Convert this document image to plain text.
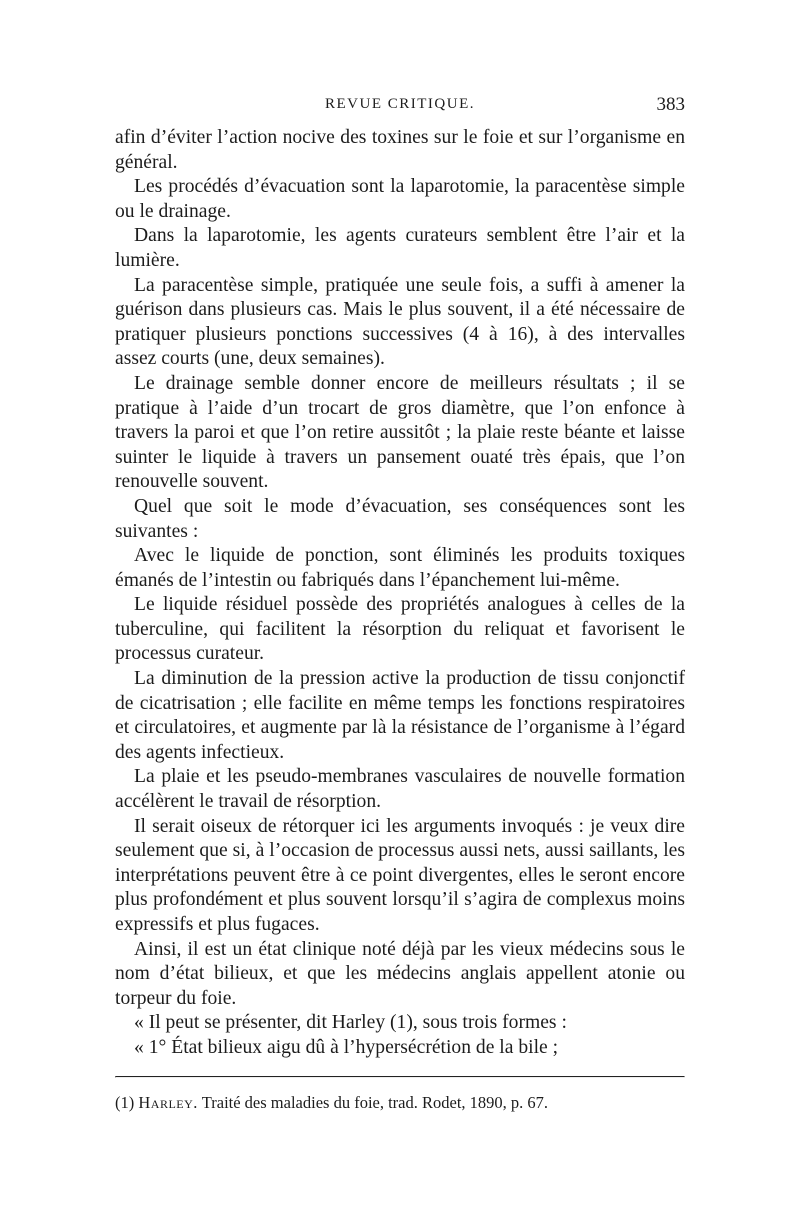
REVUE CRITIQUE.	383

afin d’éviter l’action nocive des toxines sur le foie et sur l’organisme en général.

Les procédés d’évacuation sont la laparotomie, la paracentèse simple ou le drainage.

Dans la laparotomie, les agents curateurs semblent être l’air et la lumière.

La paracentèse simple, pratiquée une seule fois, a suffi à amener la guérison dans plusieurs cas. Mais le plus souvent, il a été nécessaire de pratiquer plusieurs ponctions successives (4 à 16), à des intervalles assez courts (une, deux semaines).

Le drainage semble donner encore de meilleurs résultats ; il se pratique à l’aide d’un trocart de gros diamètre, que l’on enfonce à travers la paroi et que l’on retire aussitôt ; la plaie reste béante et laisse suinter le liquide à travers un pansement ouaté très épais, que l’on renouvelle souvent.

Quel que soit le mode d’évacuation, ses conséquences sont les suivantes :

Avec le liquide de ponction, sont éliminés les produits toxiques émanés de l’intestin ou fabriqués dans l’épanchement lui-même.

Le liquide résiduel possède des propriétés analogues à celles de la tuberculine, qui facilitent la résorption du reliquat et favorisent le processus curateur.

La diminution de la pression active la production de tissu conjonctif de cicatrisation ; elle facilite en même temps les fonctions respiratoires et circulatoires, et augmente par là la résistance de l’organisme à l’égard des agents infectieux.

La plaie et les pseudo-membranes vasculaires de nouvelle formation accélèrent le travail de résorption.

Il serait oiseux de rétorquer ici les arguments invoqués : je veux dire seulement que si, à l’occasion de processus aussi nets, aussi saillants, les interprétations peuvent être à ce point divergentes, elles le seront encore plus profondément et plus souvent lorsqu’il s’agira de complexus moins expressifs et plus fugaces.

Ainsi, il est un état clinique noté déjà par les vieux médecins sous le nom d’état bilieux, et que les médecins anglais appellent atonie ou torpeur du foie.

« Il peut se présenter, dit Harley (1), sous trois formes :

« 1° État bilieux aigu dû à l’hypersécrétion de la bile ;

(1) Harley. Traité des maladies du foie, trad. Rodet, 1890, p. 67.
